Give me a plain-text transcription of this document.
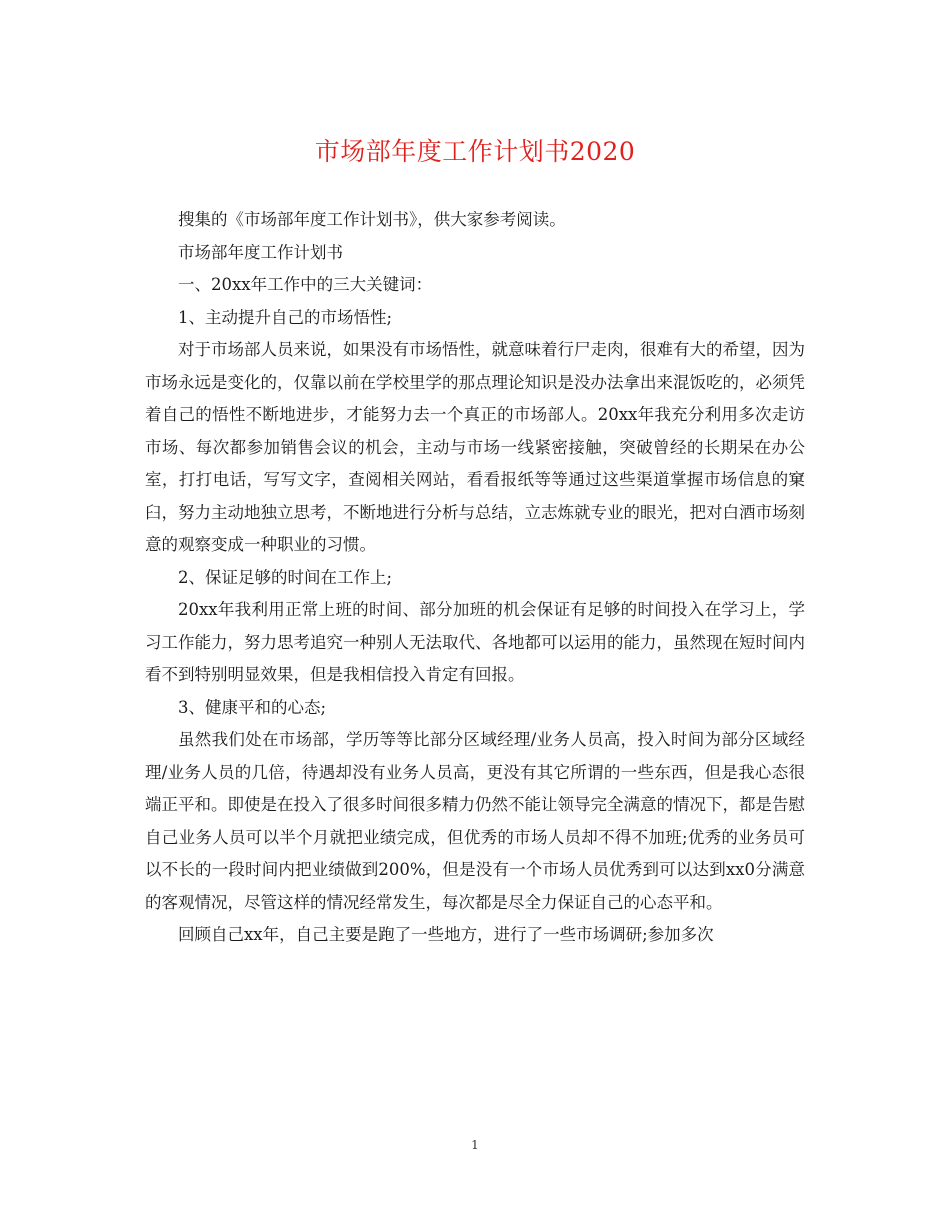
市场部年度工作计划书2020

搜集的《市场部年度工作计划书》，供大家参考阅读。

市场部年度工作计划书

一、20xx年工作中的三大关键词：

1、主动提升自己的市场悟性;

对于市场部人员来说，如果没有市场悟性，就意味着行尸走肉，很难有大的希望，因为市场永远是变化的，仅靠以前在学校里学的那点理论知识是没办法拿出来混饭吃的，必须凭着自己的悟性不断地进步，才能努力去一个真正的市场部人。20xx年我充分利用多次走访市场、每次都参加销售会议的机会，主动与市场一线紧密接触，突破曾经的长期呆在办公室，打打电话，写写文字，查阅相关网站，看看报纸等等通过这些渠道掌握市场信息的窠臼，努力主动地独立思考，不断地进行分析与总结，立志炼就专业的眼光，把对白酒市场刻意的观察变成一种职业的习惯。

2、保证足够的时间在工作上;

20xx年我利用正常上班的时间、部分加班的机会保证有足够的时间投入在学习上，学习工作能力，努力思考追究一种别人无法取代、各地都可以运用的能力，虽然现在短时间内看不到特别明显效果，但是我相信投入肯定有回报。

3、健康平和的心态;

虽然我们处在市场部，学历等等比部分区域经理/业务人员高，投入时间为部分区域经理/业务人员的几倍，待遇却没有业务人员高，更没有其它所谓的一些东西，但是我心态很端正平和。即使是在投入了很多时间很多精力仍然不能让领导完全满意的情况下，都是告慰自己业务人员可以半个月就把业绩完成，但优秀的市场人员却不得不加班;优秀的业务员可以不长的一段时间内把业绩做到200%，但是没有一个市场人员优秀到可以达到xx0分满意的客观情况，尽管这样的情况经常发生，每次都是尽全力保证自己的心态平和。

回顾自己xx年，自己主要是跑了一些地方，进行了一些市场调研;参加多次

1
